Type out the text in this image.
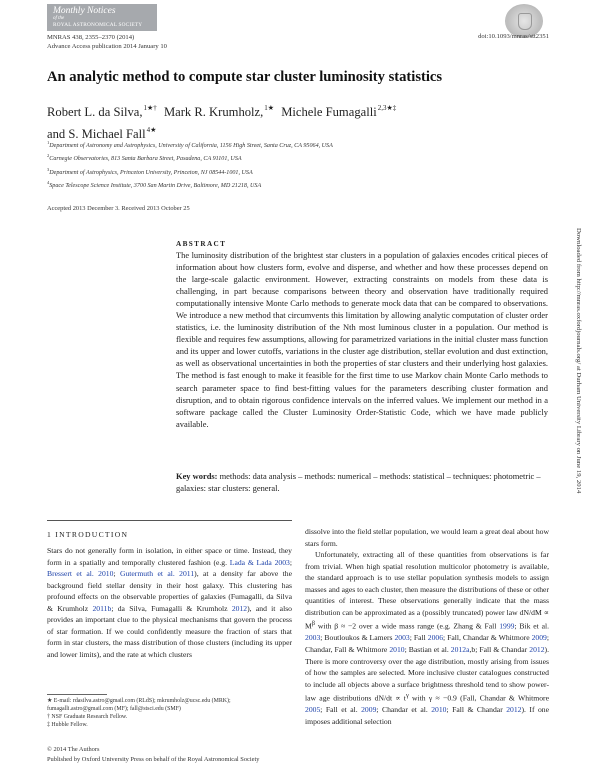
Monthly Notices
of the
ROYAL ASTRONOMICAL SOCIETY
MNRAS 438, 2355–2370 (2014)
Advance Access publication 2014 January 10
doi:10.1093/mnras/stt2351
An analytic method to compute star cluster luminosity statistics
Robert L. da Silva,$^{1★\dagger}$ Mark R. Krumholz,$^{1★}$ Michele Fumagalli$^{2,3★\ddagger}$
and S. Michael Fall$^{4★}$
$^1$Department of Astronomy and Astrophysics, University of California, 1156 High Street, Santa Cruz, CA 95064, USA
$^2$Carnegie Observatories, 813 Santa Barbara Street, Pasadena, CA 91101, USA
$^3$Department of Astrophysics, Princeton University, Princeton, NJ 08544-1001, USA
$^4$Space Telescope Science Institute, 3700 San Martin Drive, Baltimore, MD 21218, USA
Accepted 2013 December 3. Received 2013 October 25
ABSTRACT

The luminosity distribution of the brightest star clusters in a population of galaxies encodes critical pieces of information about how clusters form, evolve and disperse, and whether and how these processes depend on the large-scale galactic environment. However, extracting constraints on models from these data is challenging, in part because comparisons between theory and observation have traditionally required computationally intensive Monte Carlo methods to generate mock data that can be compared to observations. We introduce a new method that circumvents this limitation by allowing analytic computation of cluster order statistics, i.e. the luminosity distribution of the Nth most luminous cluster in a population. Our method is flexible and requires few assumptions, allowing for parametrized variations in the initial cluster mass function and its upper and lower cutoffs, variations in the cluster age distribution, stellar evolution and dust extinction, as well as observational uncertainties in both the properties of star clusters and their underlying host galaxies. The method is fast enough to make it feasible for the first time to use Markov chain Monte Carlo methods to search parameter space to find best-fitting values for the parameters describing cluster formation and disruption, and to obtain rigorous confidence intervals on the inferred values. We implement our method in a software package called the Cluster Luminosity Order-Statistic Code, which we have made publicly available.

Key words: methods: data analysis – methods: numerical – methods: statistical – techniques: photometric – galaxies: star clusters: general.
1 INTRODUCTION

Stars do not generally form in isolation, in either space or time. Instead, they form in a spatially and temporally clustered fashion (e.g. Lada & Lada 2003; Bressert et al. 2010; Gutermuth et al. 2011), at a density far above the background field stellar density in their host galaxy. This clustering has profound effects on the observable properties of galaxies (Fumagalli, da Silva & Krumholz 2011b; da Silva, Fumagalli & Krumholz 2012), and it also provides an important clue to the physical mechanisms that govern the process of star formation. If we could confidently measure the fraction of stars that form in star clusters, the mass distribution of those clusters (including its upper and lower limits), and the rate at which clusters

dissolve into the field stellar population, we would learn a great deal about how stars form.

Unfortunately, extracting all of these quantities from observations is far from trivial. When high spatial resolution multicolor photometry is available, the standard approach is to use stellar population synthesis models to assign masses and ages to each cluster, then measure the distributions of these or other quantities of interest. These observations generally indicate that the mass distribution can be approximated as a (possibly truncated) power law $dN/dM \propto M^\beta$ with β ≈ −2 over a wide mass range (e.g. Zhang & Fall 1999; Bik et al. 2003; Boutloukos & Lamers 2003; Fall 2006; Fall, Chandar & Whitmore 2009; Chandar, Fall & Whitmore 2010; Bastian et al. 2012a,b; Fall & Chandar 2012). There is more controversy over the age distribution, mostly arising from issues of how the samples are selected. More inclusive cluster catalogues constructed to include all objects above a surface brightness threshold tend to show power-law age distributions $dN/dt \propto t^\gamma$ with γ ≈ −0.9 (Fall, Chandar & Whitmore 2005; Fall et al. 2009; Chandar et al. 2010; Fall & Chandar 2012). If one imposes additional selection

★ E-mail: rdasilva.astro@gmail.com (RLdS); mkrumholz@ucsc.edu (MRK); fumagalli.astro@gmail.com (MF); fall@stsci.edu (SMF)
† NSF Graduate Research Fellow.
‡ Hubble Fellow.
© 2014 The Authors
Published by Oxford University Press on behalf of the Royal Astronomical Society
Downloaded from http://mnras.oxfordjournals.org/ at Durham University Library on June 19, 2014
